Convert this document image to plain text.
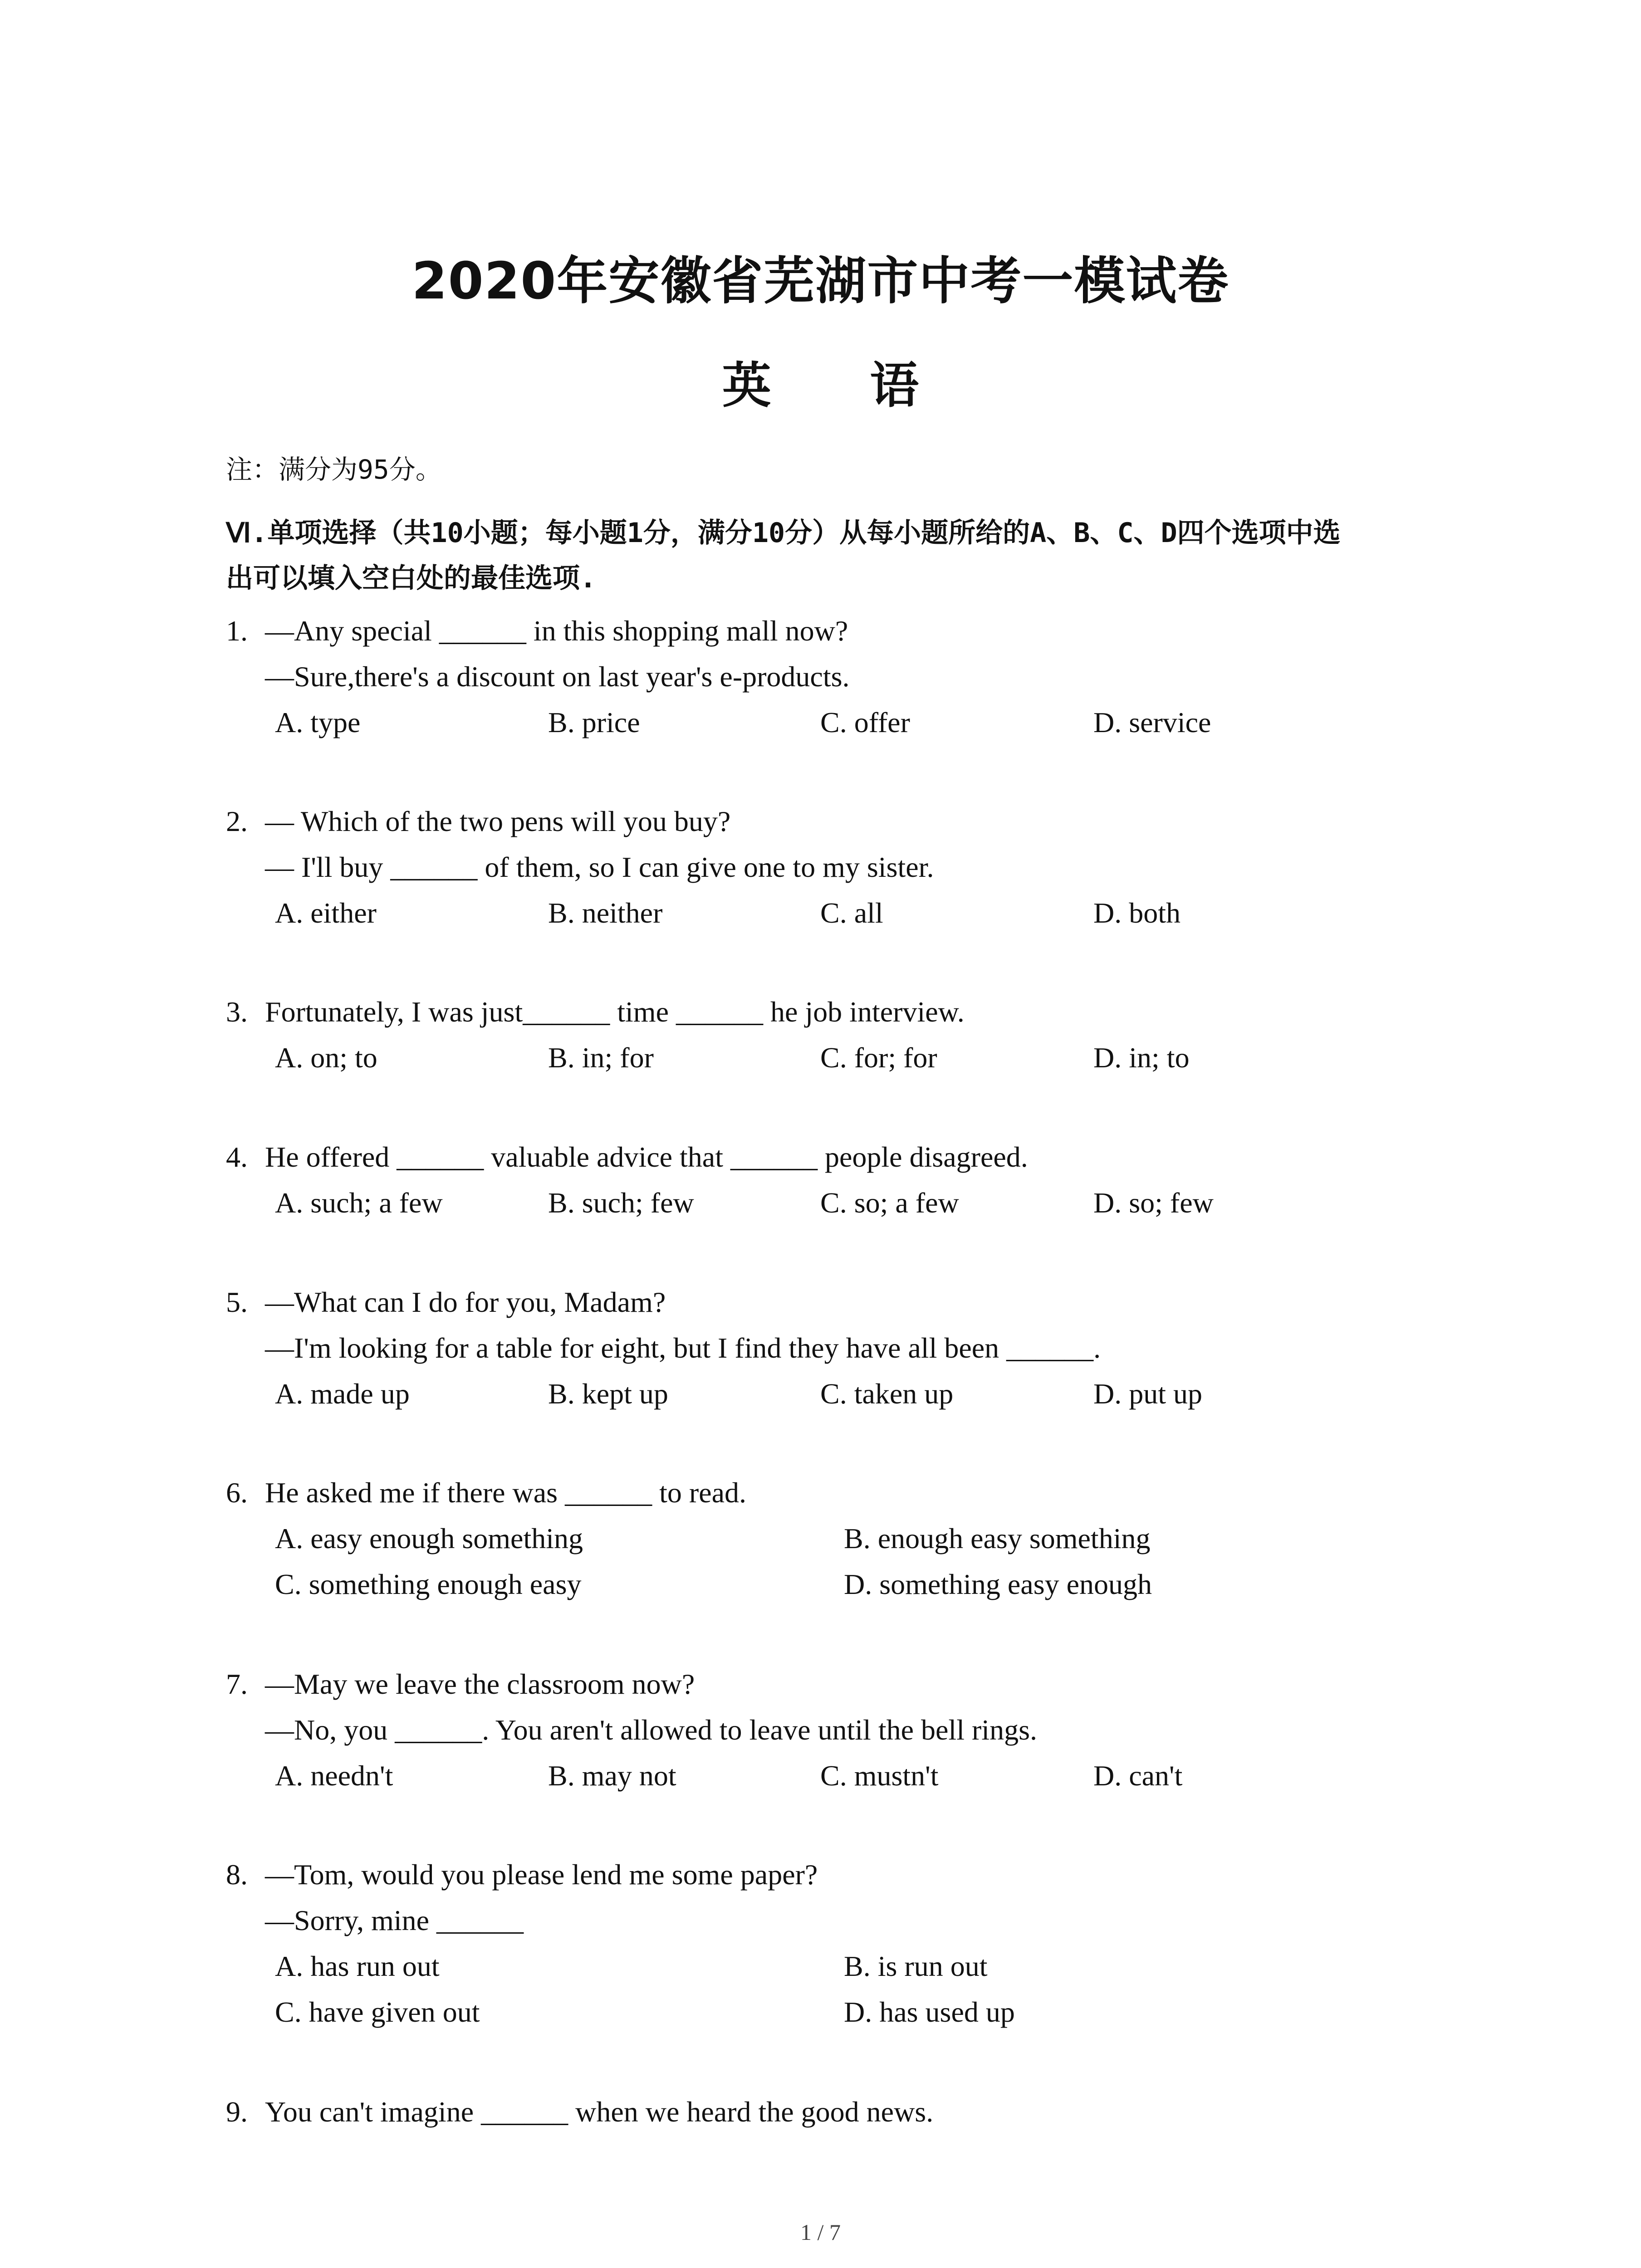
2020年安徽省芜湖市中考一模试卷
英 语
注：满分为95分。
Ⅵ.单项选择（共10小题；每小题1分，满分10分）从每小题所给的A、B、C、D四个选项中选
出可以填入空白处的最佳选项.
1. —Any special ______ in this shopping mall now?
—Sure,there's a discount on last year's e-products.
A. type	B. price	C. offer	D. service
2. — Which of the two pens will you buy?
— I'll buy ______ of them, so I can give one to my sister.
A. either	B. neither	C. all	D. both
3. Fortunately, I was just______ time ______ he job interview.
A. on; to	B. in; for	C. for; for	D. in; to
4. He offered ______ valuable advice that ______ people disagreed.
A. such; a few	B. such; few	C. so; a few	D. so; few
5. —What can I do for you, Madam?
—I'm looking for a table for eight, but I find they have all been ______.
A. made up	B. kept up	C. taken up	D. put up
6. He asked me if there was ______ to read.
A. easy enough something	B. enough easy something
C. something enough easy	D. something easy enough
7. —May we leave the classroom now?
—No, you ______. You aren't allowed to leave until the bell rings.
A. needn't	B. may not	C. mustn't	D. can't
8. —Tom, would you please lend me some paper?
—Sorry, mine ______
A. has run out	B. is run out
C. have given out	D. has used up
9. You can't imagine ______ when we heard the good news.
1 / 7
